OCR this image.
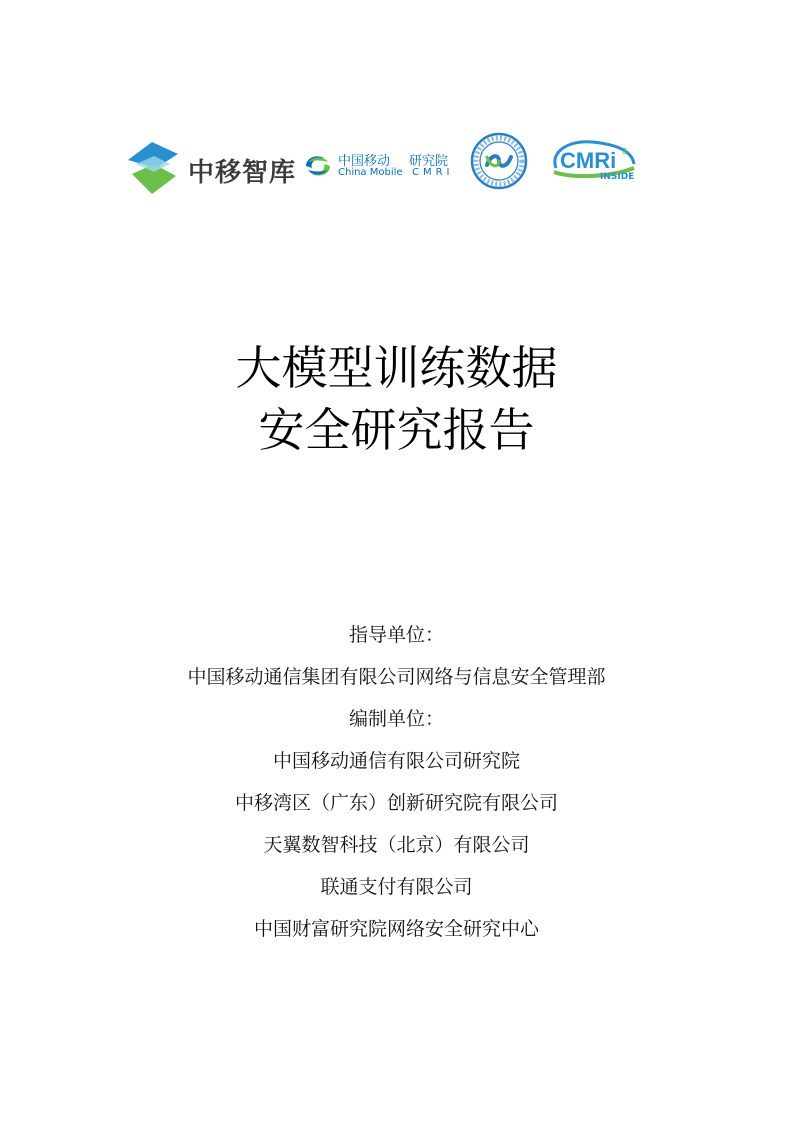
中移智库	中国移动
China Mobile
研究院
CMRI	CMRi 3
INSIDE
大模型训练数据
安全研究报告
指导单位：
中国移动通信集团有限公司网络与信息安全管理部
编制单位：
中国移动通信有限公司研究院
中移湾区（广东）创新研究院有限公司
天翼数智科技（北京）有限公司
联通支付有限公司
中国财富研究院网络安全研究中心
